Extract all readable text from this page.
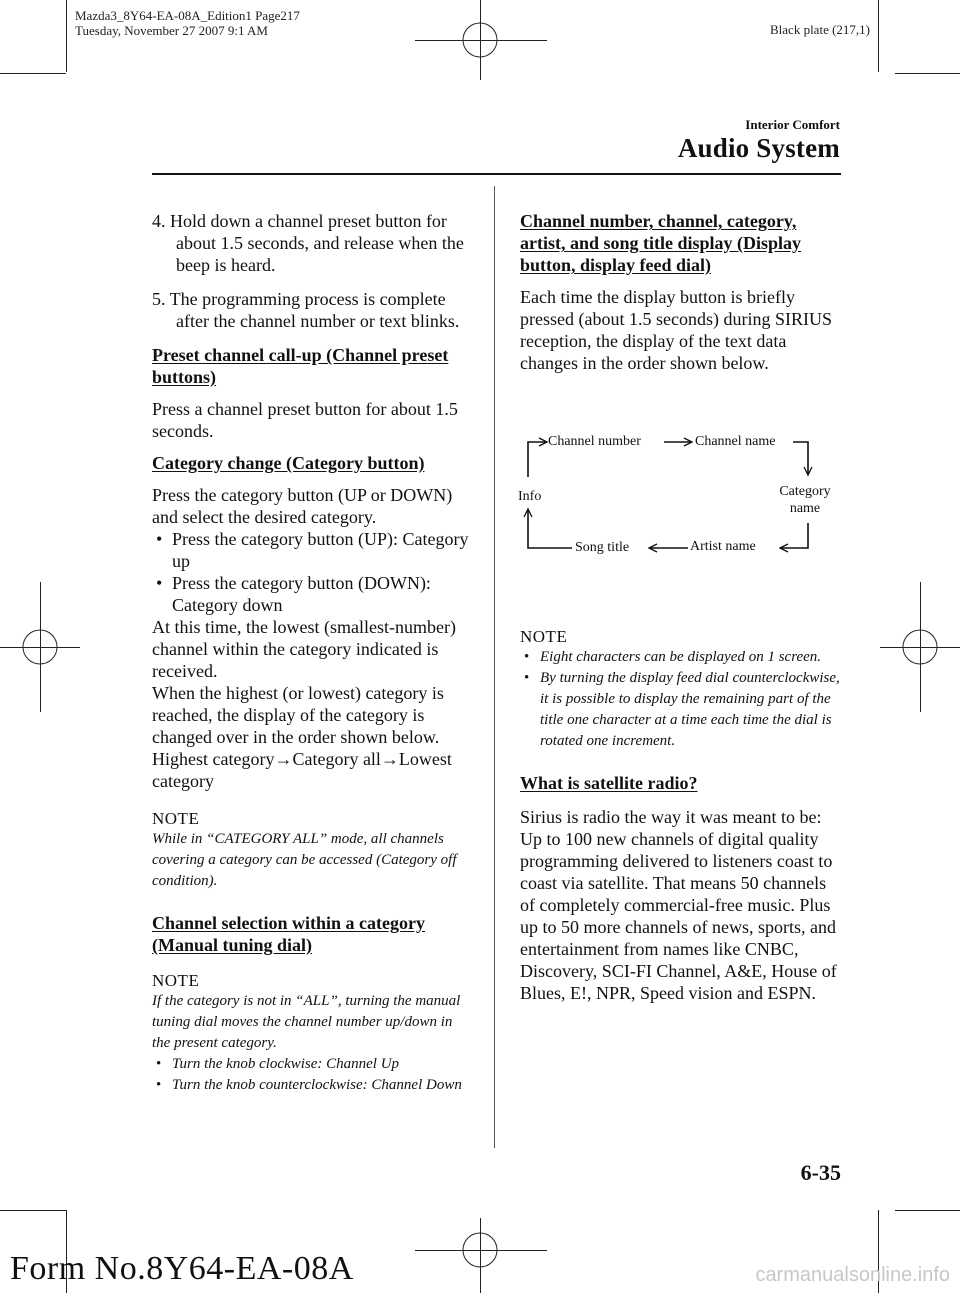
Mazda3_8Y64-EA-08A_Edition1 Page217
Tuesday, November 27 2007 9:1 AM	Black plate (217,1)
Interior Comfort
Audio System

4. Hold down a channel preset button for about 1.5 seconds, and release when the beep is heard.

5. The programming process is complete after the channel number or text blinks.

Preset channel call-up (Channel preset buttons)

Press a channel preset button for about 1.5 seconds.

Category change (Category button)

Press the category button (UP or DOWN) and select the desired category.

• Press the category button (UP): Category up
• Press the category button (DOWN): Category down

At this time, the lowest (smallest-number) channel within the category indicated is received.

When the highest (or lowest) category is reached, the display of the category is changed over in the order shown below.

Highest category→Category all→Lowest category

NOTE

While in “CATEGORY ALL” mode, all channels covering a category can be accessed (Category off condition).

Channel selection within a category (Manual tuning dial)

NOTE

If the category is not in “ALL”, turning the manual tuning dial moves the channel number up/down in the present category.

• Turn the knob clockwise: Channel Up
• Turn the knob counterclockwise: Channel Down

Channel number, channel, category, artist, and song title display (Display button, display feed dial)

Each time the display button is briefly pressed (about 1.5 seconds) during SIRIUS reception, the display of the text data changes in the order shown below.

Channel number	Channel name
Category
name
Artist name
Song title
Info

NOTE

• Eight characters can be displayed on 1 screen.
• By turning the display feed dial counterclockwise, it is possible to display the remaining part of the title one character at a time each time the dial is rotated one increment.

What is satellite radio?

Sirius is radio the way it was meant to be: Up to 100 new channels of digital quality programming delivered to listeners coast to coast via satellite. That means 50 channels of completely commercial-free music. Plus up to 50 more channels of news, sports, and entertainment from names like CNBC, Discovery, SCI-FI Channel, A&E, House of Blues, E!, NPR, Speed vision and ESPN.

6-35
Form No.8Y64-EA-08A	carmanualsonline.info
